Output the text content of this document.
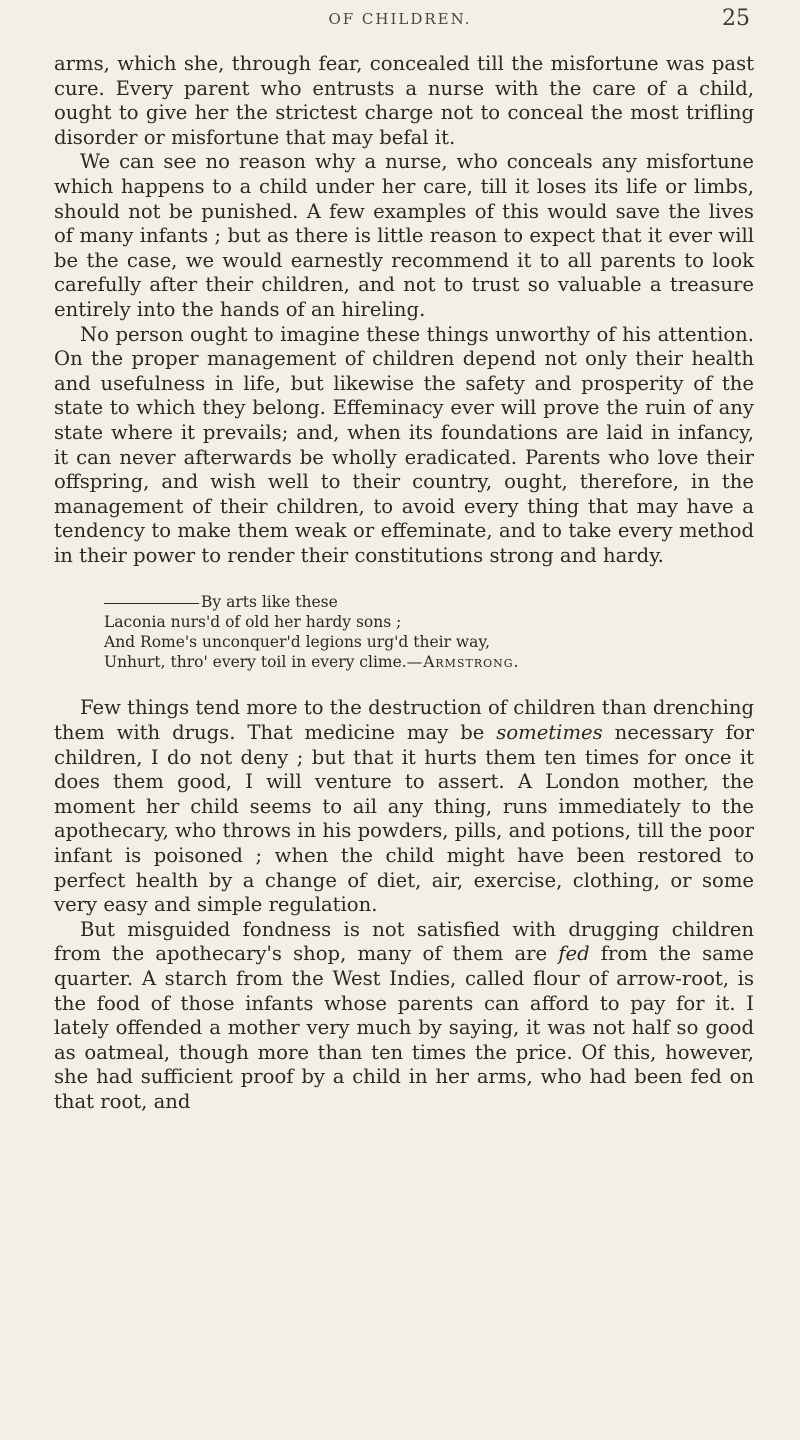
OF CHILDREN.	25

arms, which she, through fear, concealed till the misfortune was past cure. Every parent who entrusts a nurse with the care of a child, ought to give her the strictest charge not to conceal the most trifling disorder or misfortune that may befal it.

We can see no reason why a nurse, who conceals any misfortune which happens to a child under her care, till it loses its life or limbs, should not be punished. A few examples of this would save the lives of many infants ; but as there is little reason to expect that it ever will be the case, we would earnestly recommend it to all parents to look carefully after their children, and not to trust so valuable a treasure entirely into the hands of an hireling.

No person ought to imagine these things unworthy of his attention. On the proper management of children depend not only their health and usefulness in life, but likewise the safety and prosperity of the state to which they belong. Effeminacy ever will prove the ruin of any state where it prevails; and, when its foundations are laid in infancy, it can never afterwards be wholly eradicated. Parents who love their offspring, and wish well to their country, ought, therefore, in the management of their children, to avoid every thing that may have a tendency to make them weak or effeminate, and to take every method in their power to render their constitutions strong and hardy.

By arts like these
Laconia nurs'd of old her hardy sons ;
And Rome's unconquer'd legions urg'd their way,
Unhurt, thro' every toil in every clime.—Armstrong.

Few things tend more to the destruction of children than drenching them with drugs. That medicine may be sometimes necessary for children, I do not deny ; but that it hurts them ten times for once it does them good, I will venture to assert. A London mother, the moment her child seems to ail any thing, runs immediately to the apothecary, who throws in his powders, pills, and potions, till the poor infant is poisoned ; when the child might have been restored to perfect health by a change of diet, air, exercise, clothing, or some very easy and simple regulation.

But misguided fondness is not satisfied with drugging children from the apothecary's shop, many of them are fed from the same quarter. A starch from the West Indies, called flour of arrow-root, is the food of those infants whose parents can afford to pay for it. I lately offended a mother very much by saying, it was not half so good as oatmeal, though more than ten times the price. Of this, however, she had sufficient proof by a child in her arms, who had been fed on that root, and
